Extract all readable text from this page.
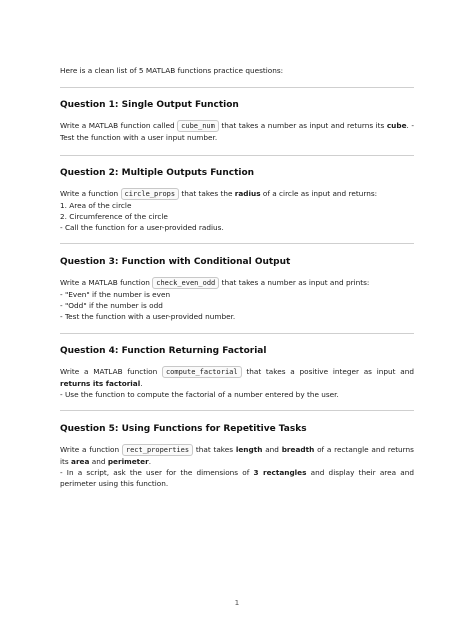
Here is a clean list of 5 MATLAB functions practice questions:
Question 1: Single Output Function

Write a MATLAB function called cube_num that takes a number as input and returns its cube. - Test the function with a user input number.

Question 2: Multiple Outputs Function

Write a function circle_props that takes the radius of a circle as input and returns:

1. Area of the circle

2. Circumference of the circle

- Call the function for a user-provided radius.

Question 3: Function with Conditional Output

Write a MATLAB function check_even_odd that takes a number as input and prints:

- "Even" if the number is even

- "Odd" if the number is odd

- Test the function with a user-provided number.

Question 4: Function Returning Factorial

Write a MATLAB function compute_factorial that takes a positive integer as input and returns its factorial.

- Use the function to compute the factorial of a number entered by the user.

Question 5: Using Functions for Repetitive Tasks

Write a function rect_properties that takes length and breadth of a rectangle and returns its area and perimeter.

- In a script, ask the user for the dimensions of 3 rectangles and display their area and perimeter using this function.

1
